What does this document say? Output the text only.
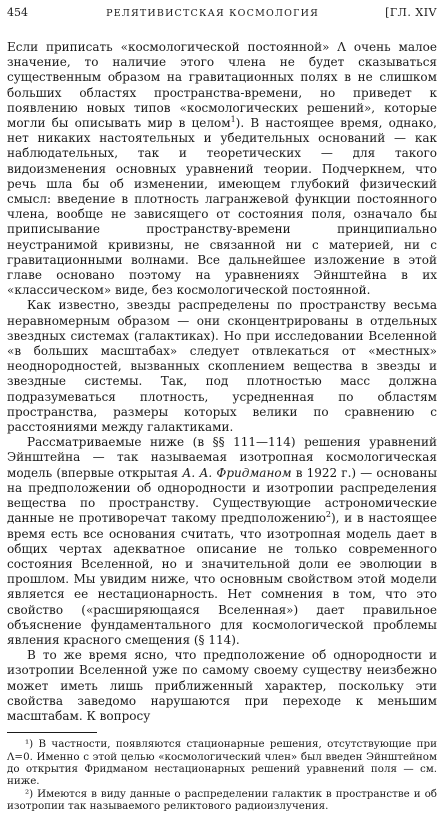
454	РЕЛЯТИВИСТСКАЯ КОСМОЛОГИЯ	[ГЛ. XIV

Если приписать «космологической постоянной» Λ очень малое значение, то наличие этого члена не будет сказываться существенным образом на гравитационных полях в не слишком больших областях пространства-времени, но приведет к появлению новых типов «космологических решений», которые могли бы описывать мир в целом$^1$). В настоящее время, однако, нет никаких настоятельных и убедительных оснований — как наблюдательных, так и теоретических — для такого видоизменения основных уравнений теории. Подчеркнем, что речь шла бы об изменении, имеющем глубокий физический смысл: введение в плотность лагранжевой функции постоянного члена, вообще не зависящего от состояния поля, означало бы приписывание пространству-времени принципиально неустранимой кривизны, не связанной ни с материей, ни с гравитационными волнами. Все дальнейшее изложение в этой главе основано поэтому на уравнениях Эйнштейна в их «классическом» виде, без космологической постоянной.

Как известно, звезды распределены по пространству весьма неравномерным образом — они сконцентрированы в отдельных звездных системах (галактиках). Но при исследовании Вселенной «в больших масштабах» следует отвлекаться от «местных» неоднородностей, вызванных скоплением вещества в звезды и звездные системы. Так, под плотностью масс должна подразумеваться плотность, усредненная по областям пространства, размеры которых велики по сравнению с расстояниями между галактиками.

Рассматриваемые ниже (в §§ 111—114) решения уравнений Эйнштейна — так называемая изотропная космологическая модель (впервые открытая А. А. Фридманом в 1922 г.) — основаны на предположении об однородности и изотропии распределения вещества по пространству. Существующие астрономические данные не противоречат такому предположению$^2$), и в настоящее время есть все основания считать, что изотропная модель дает в общих чертах адекватное описание не только современного состояния Вселенной, но и значительной доли ее эволюции в прошлом. Мы увидим ниже, что основным свойством этой модели является ее нестационарность. Нет сомнения в том, что это свойство («расширяющаяся Вселенная») дает правильное объяснение фундаментального для космологической проблемы явления красного смещения (§ 114).

В то же время ясно, что предположение об однородности и изотропии Вселенной уже по самому своему существу неизбежно может иметь лишь приближенный характер, поскольку эти свойства заведомо нарушаются при переходе к меньшим масштабам. К вопросу

¹) В частности, появляются стационарные решения, отсутствующие при Λ=0. Именно с этой целью «космологический член» был введен Эйнштейном до открытия Фридманом нестационарных решений уравнений поля — см. ниже.

²) Имеются в виду данные о распределении галактик в пространстве и об изотропии так называемого реликтового радиоизлучения.
